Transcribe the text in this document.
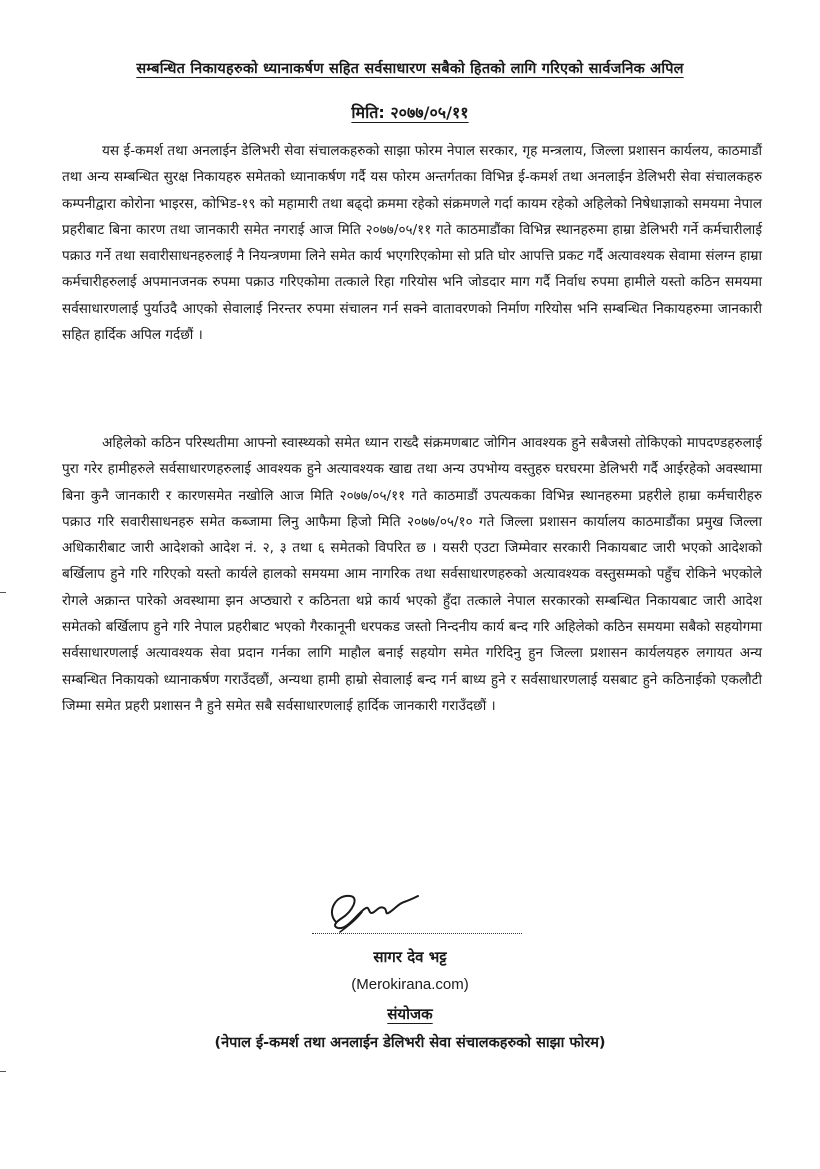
सम्बन्धित निकायहरुको ध्यानाकर्षण सहित सर्वसाधारण सबैको हितको लागि गरिएको सार्वजनिक अपिल
मिति: २०७७/०५/११

यस ई-कमर्श तथा अनलाईन डेलिभरी सेवा संचालकहरुको साझा फोरम नेपाल सरकार, गृह मन्त्रलाय, जिल्ला प्रशासन कार्यलय, काठमाडौं तथा अन्य सम्बन्धित सुरक्ष निकायहरु समेतको ध्यानाकर्षण गर्दै यस फोरम अन्तर्गतका विभिन्न ई-कमर्श तथा अनलाईन डेलिभरी सेवा संचालकहरु कम्पनीद्वारा कोरोना भाइरस, कोभिड-१९ को महामारी तथा बढ्दो क्रममा रहेको संक्रमणले गर्दा कायम रहेको अहिलेको निषेधाज्ञाको समयमा नेपाल प्रहरीबाट बिना कारण तथा जानकारी समेत नगराई आज मिति २०७७/०५/११ गते काठमाडौंका विभिन्न स्थानहरुमा हाम्रा डेलिभरी गर्ने कर्मचारीलाई पक्राउ गर्ने तथा सवारीसाधनहरुलाई नै नियन्त्रणमा लिने समेत कार्य भएगरिएकोमा सो प्रति घोर आपत्ति प्रकट गर्दै अत्यावश्यक सेवामा संलग्न हाम्रा कर्मचारीहरुलाई अपमानजनक रुपमा पक्राउ गरिएकोमा तत्काले रिहा गरियोस भनि जोडदार माग गर्दै निर्वाध रुपमा हामीले यस्तो कठिन समयमा सर्वसाधारणलाई पुर्याउदै आएको सेवालाई निरन्तर रुपमा संचालन गर्न सक्ने वातावरणको निर्माण गरियोस भनि सम्बन्धित निकायहरुमा जानकारी सहित हार्दिक अपिल गर्दछौं ।

अहिलेको कठिन परिस्थतीमा आफ्नो स्वास्थ्यको समेत ध्यान राख्दै संक्रमणबाट जोगिन आवश्यक हुने सबैजसो तोकिएको मापदण्डहरुलाई पुरा गरेर हामीहरुले सर्वसाधारणहरुलाई आवश्यक हुने अत्यावश्यक खाद्य तथा अन्य उपभोग्य वस्तुहरु घरघरमा डेलिभरी गर्दै आईरहेको अवस्थामा बिना कुनै जानकारी र कारणसमेत नखोलि आज मिति २०७७/०५/११ गते काठमाडौं उपत्यकका विभिन्न स्थानहरुमा प्रहरीले हाम्रा कर्मचारीहरु पक्राउ गरि सवारीसाधनहरु समेत कब्जामा लिनु आफैमा हिजो मिति २०७७/०५/१० गते जिल्ला प्रशासन कार्यालय काठमाडौंका प्रमुख जिल्ला अधिकारीबाट जारी आदेशको आदेश नं. २, ३ तथा ६ समेतको विपरित छ । यसरी एउटा जिम्मेवार सरकारी निकायबाट जारी भएको आदेशको बर्खिलाप हुने गरि गरिएको यस्तो कार्यले हालको समयमा आम नागरिक तथा सर्वसाधारणहरुको अत्यावश्यक वस्तुसम्मको पहुँच रोकिने भएकोले रोगले अक्रान्त पारेको अवस्थामा झन अप्ठ्यारो र कठिनता थप्ने कार्य भएको हुँदा तत्काले नेपाल सरकारको सम्बन्धित निकायबाट जारी आदेश समेतको बर्खिलाप हुने गरि नेपाल प्रहरीबाट भएको गैरकानूनी धरपकड जस्तो निन्दनीय कार्य बन्द गरि अहिलेको कठिन समयमा सबैको सहयोगमा सर्वसाधारणलाई अत्यावश्यक सेवा प्रदान गर्नका लागि माहौल बनाई सहयोग समेत गरिदिनु हुन जिल्ला प्रशासन कार्यलयहरु लगायत अन्य सम्बन्धित निकायको ध्यानाकर्षण गराउँदछौं, अन्यथा हामी हाम्रो सेवालाई बन्द गर्न बाध्य हुने र सर्वसाधारणलाई यसबाट हुने कठिनाईको एकलौटी जिम्मा समेत प्रहरी प्रशासन नै हुने समेत सबै सर्वसाधारणलाई हार्दिक जानकारी गराउँदछौं ।

सागर देव भट्ट
(Merokirana.com)
संयोजक
(नेपाल ई-कमर्श तथा अनलाईन डेलिभरी सेवा संचालकहरुको साझा फोरम)
